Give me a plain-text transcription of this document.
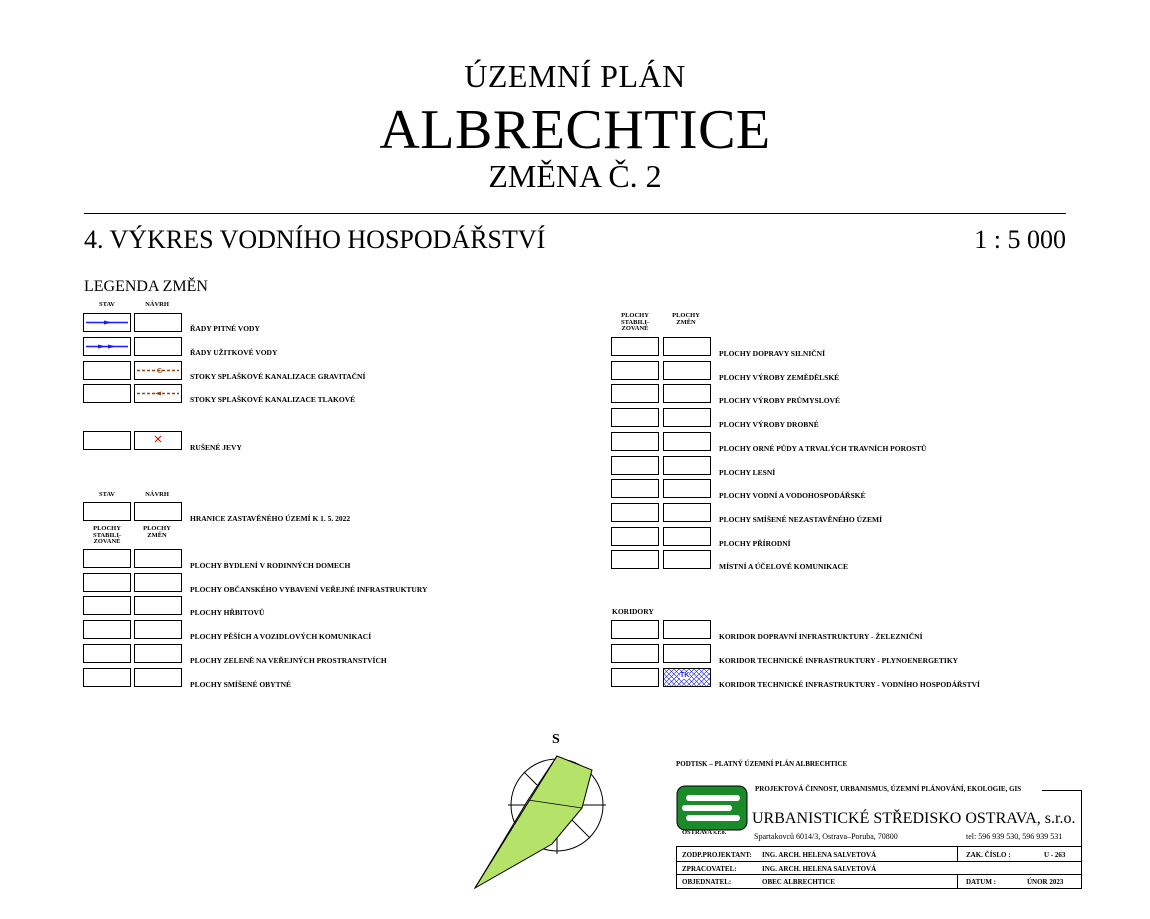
ÚZEMNÍ PLÁN
ALBRECHTICE
ZMĚNA Č. 2
4. VÝKRES VODNÍHO HOSPODÁŘSTVÍ	1 : 5 000
LEGENDA ZMĚN
STAV	NÁVRH
ŘADY PITNÉ VODY
ŘADY UŽITKOVÉ VODY
G
STOKY SPLAŠKOVÉ KANALIZACE GRAVITAČNÍ
STOKY SPLAŠKOVÉ KANALIZACE TLAKOVÉ
RUŠENÉ JEVY
STAV	NÁVRH
HRANICE ZASTAVĚNÉHO ÚZEMÍ K 1. 5. 2022
PLOCHY STABILI-ZOVANÉ
PLOCHY ZMĚN
PLOCHY BYDLENÍ V RODINNÝCH DOMECH
PLOCHY OBČANSKÉHO VYBAVENÍ VEŘEJNÉ INFRASTRUKTURY
PLOCHY HŘBITOVŮ
PLOCHY PĚŠÍCH A VOZIDLOVÝCH KOMUNIKACÍ
PLOCHY ZELENĚ NA VEŘEJNÝCH PROSTRANSTVÍCH
PLOCHY SMÍŠENÉ OBYTNÉ
PLOCHY STABILI-ZOVANÉ
PLOCHY ZMĚN
PLOCHY DOPRAVY SILNIČNÍ
PLOCHY VÝROBY ZEMĚDĚLSKÉ
PLOCHY VÝROBY PRŮMYSLOVÉ
PLOCHY VÝROBY DROBNÉ
PLOCHY ORNÉ PŮDY A TRVALÝCH TRAVNÍCH POROSTŮ
PLOCHY LESNÍ
PLOCHY VODNÍ A VODOHOSPODÁŘSKÉ
PLOCHY SMÍŠENÉ NEZASTAVĚNÉHO ÚZEMÍ
PLOCHY PŘÍRODNÍ
MÍSTNÍ A ÚČELOVÉ KOMUNIKACE
KORIDORY
KORIDOR DOPRAVNÍ INFRASTRUKTURY - ŽELEZNIČNÍ
KORIDOR TECHNICKÉ INFRASTRUKTURY - PLYNOENERGETIKY
TK
KORIDOR TECHNICKÉ INFRASTRUKTURY - VODNÍHO HOSPODÁŘSTVÍ
S
PODTISK – PLATNÝ ÚZEMNÍ PLÁN ALBRECHTICE
PROJEKTOVÁ ČINNOST, URBANISMUS, ÚZEMNÍ PLÁNOVÁNÍ, EKOLOGIE, GIS
OSTRAVA s.r.o.
URBANISTICKÉ STŘEDISKO OSTRAVA, s.r.o.
Spartakovců 6014/3, Ostrava–Poruba, 70800	tel: 596 939 530, 596 939 531
ZODP.PROJEKTANT: ING. ARCH. HELENA SALVETOVÁ	ZAK. ČÍSLO :	U - 263
ZPRACOVATEL:	ING. ARCH. HELENA SALVETOVÁ
OBJEDNATEL:	OBEC ALBRECHTICE	DATUM :	ÚNOR 2023
